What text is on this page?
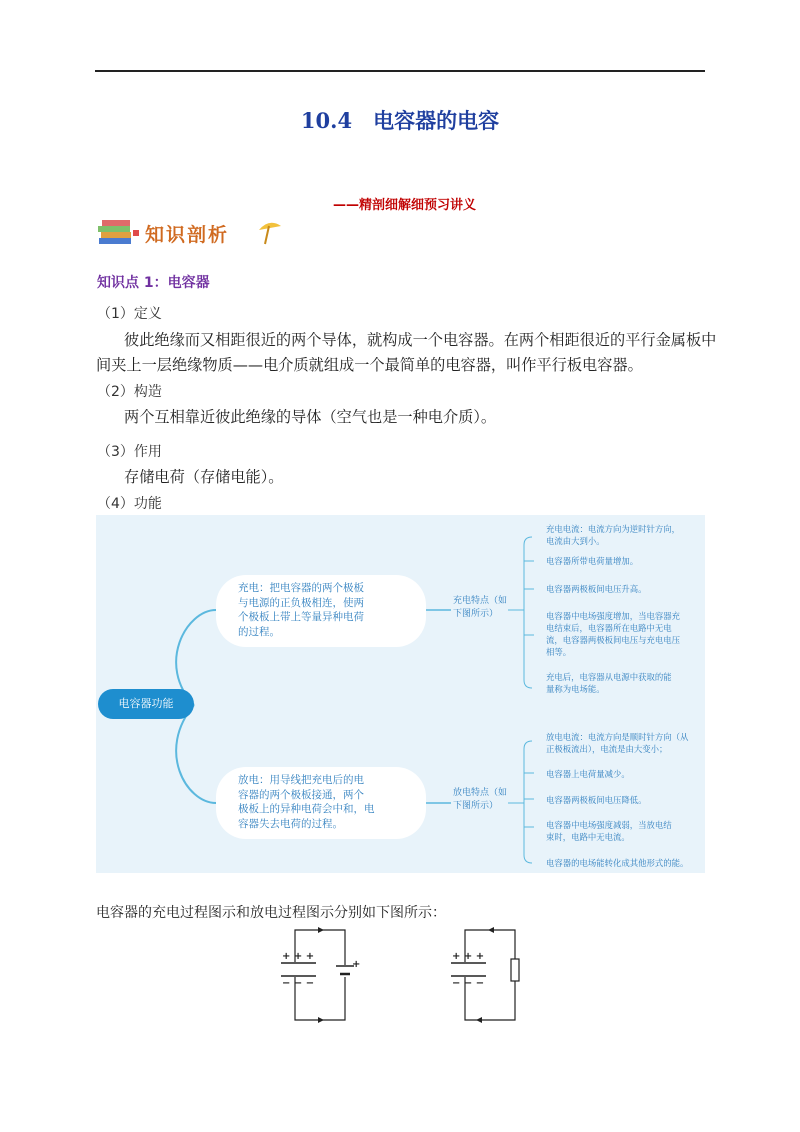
10.4　电容器的电容
——精剖细解细预习讲义
知识剖析
知识点 1：电容器
（1）定义
彼此绝缘而又相距很近的两个导体，就构成一个电容器。在两个相距很近的平行金属板中
间夹上一层绝缘物质——电介质就组成一个最简单的电容器，叫作平行板电容器。
（2）构造
两个互相靠近彼此绝缘的导体（空气也是一种电介质）。
（3）作用
存储电荷（存储电能）。
（4）功能
电容器功能
充电：把电容器的两个极板
与电源的正负极相连，使两
个极板上带上等量异种电荷
的过程。
充电特点（如
下图所示）
充电电流：电流方向为逆时针方向，
电流由大到小。
电容器所带电荷量增加。
电容器两极板间电压升高。
电容器中电场强度增加，当电容器充
电结束后，电容器所在电路中无电
流，电容器两极板间电压与充电电压
相等。
充电后，电容器从电源中获取的能
量称为电场能。
放电：用导线把充电后的电
容器的两个极板接通，两个
极板上的异种电荷会中和，电
容器失去电荷的过程。
放电特点（如
下图所示）
放电电流：电流方向是顺时针方向（从
正极板流出），电流是由大变小；
电容器上电荷量减少。
电容器两极板间电压降低。
电容器中电场强度减弱，当放电结
束时，电路中无电流。
电容器的电场能转化成其他形式的能。
电容器的充电过程图示和放电过程图示分别如下图所示：
+ + +
− − −
+
+ + +
− − −
